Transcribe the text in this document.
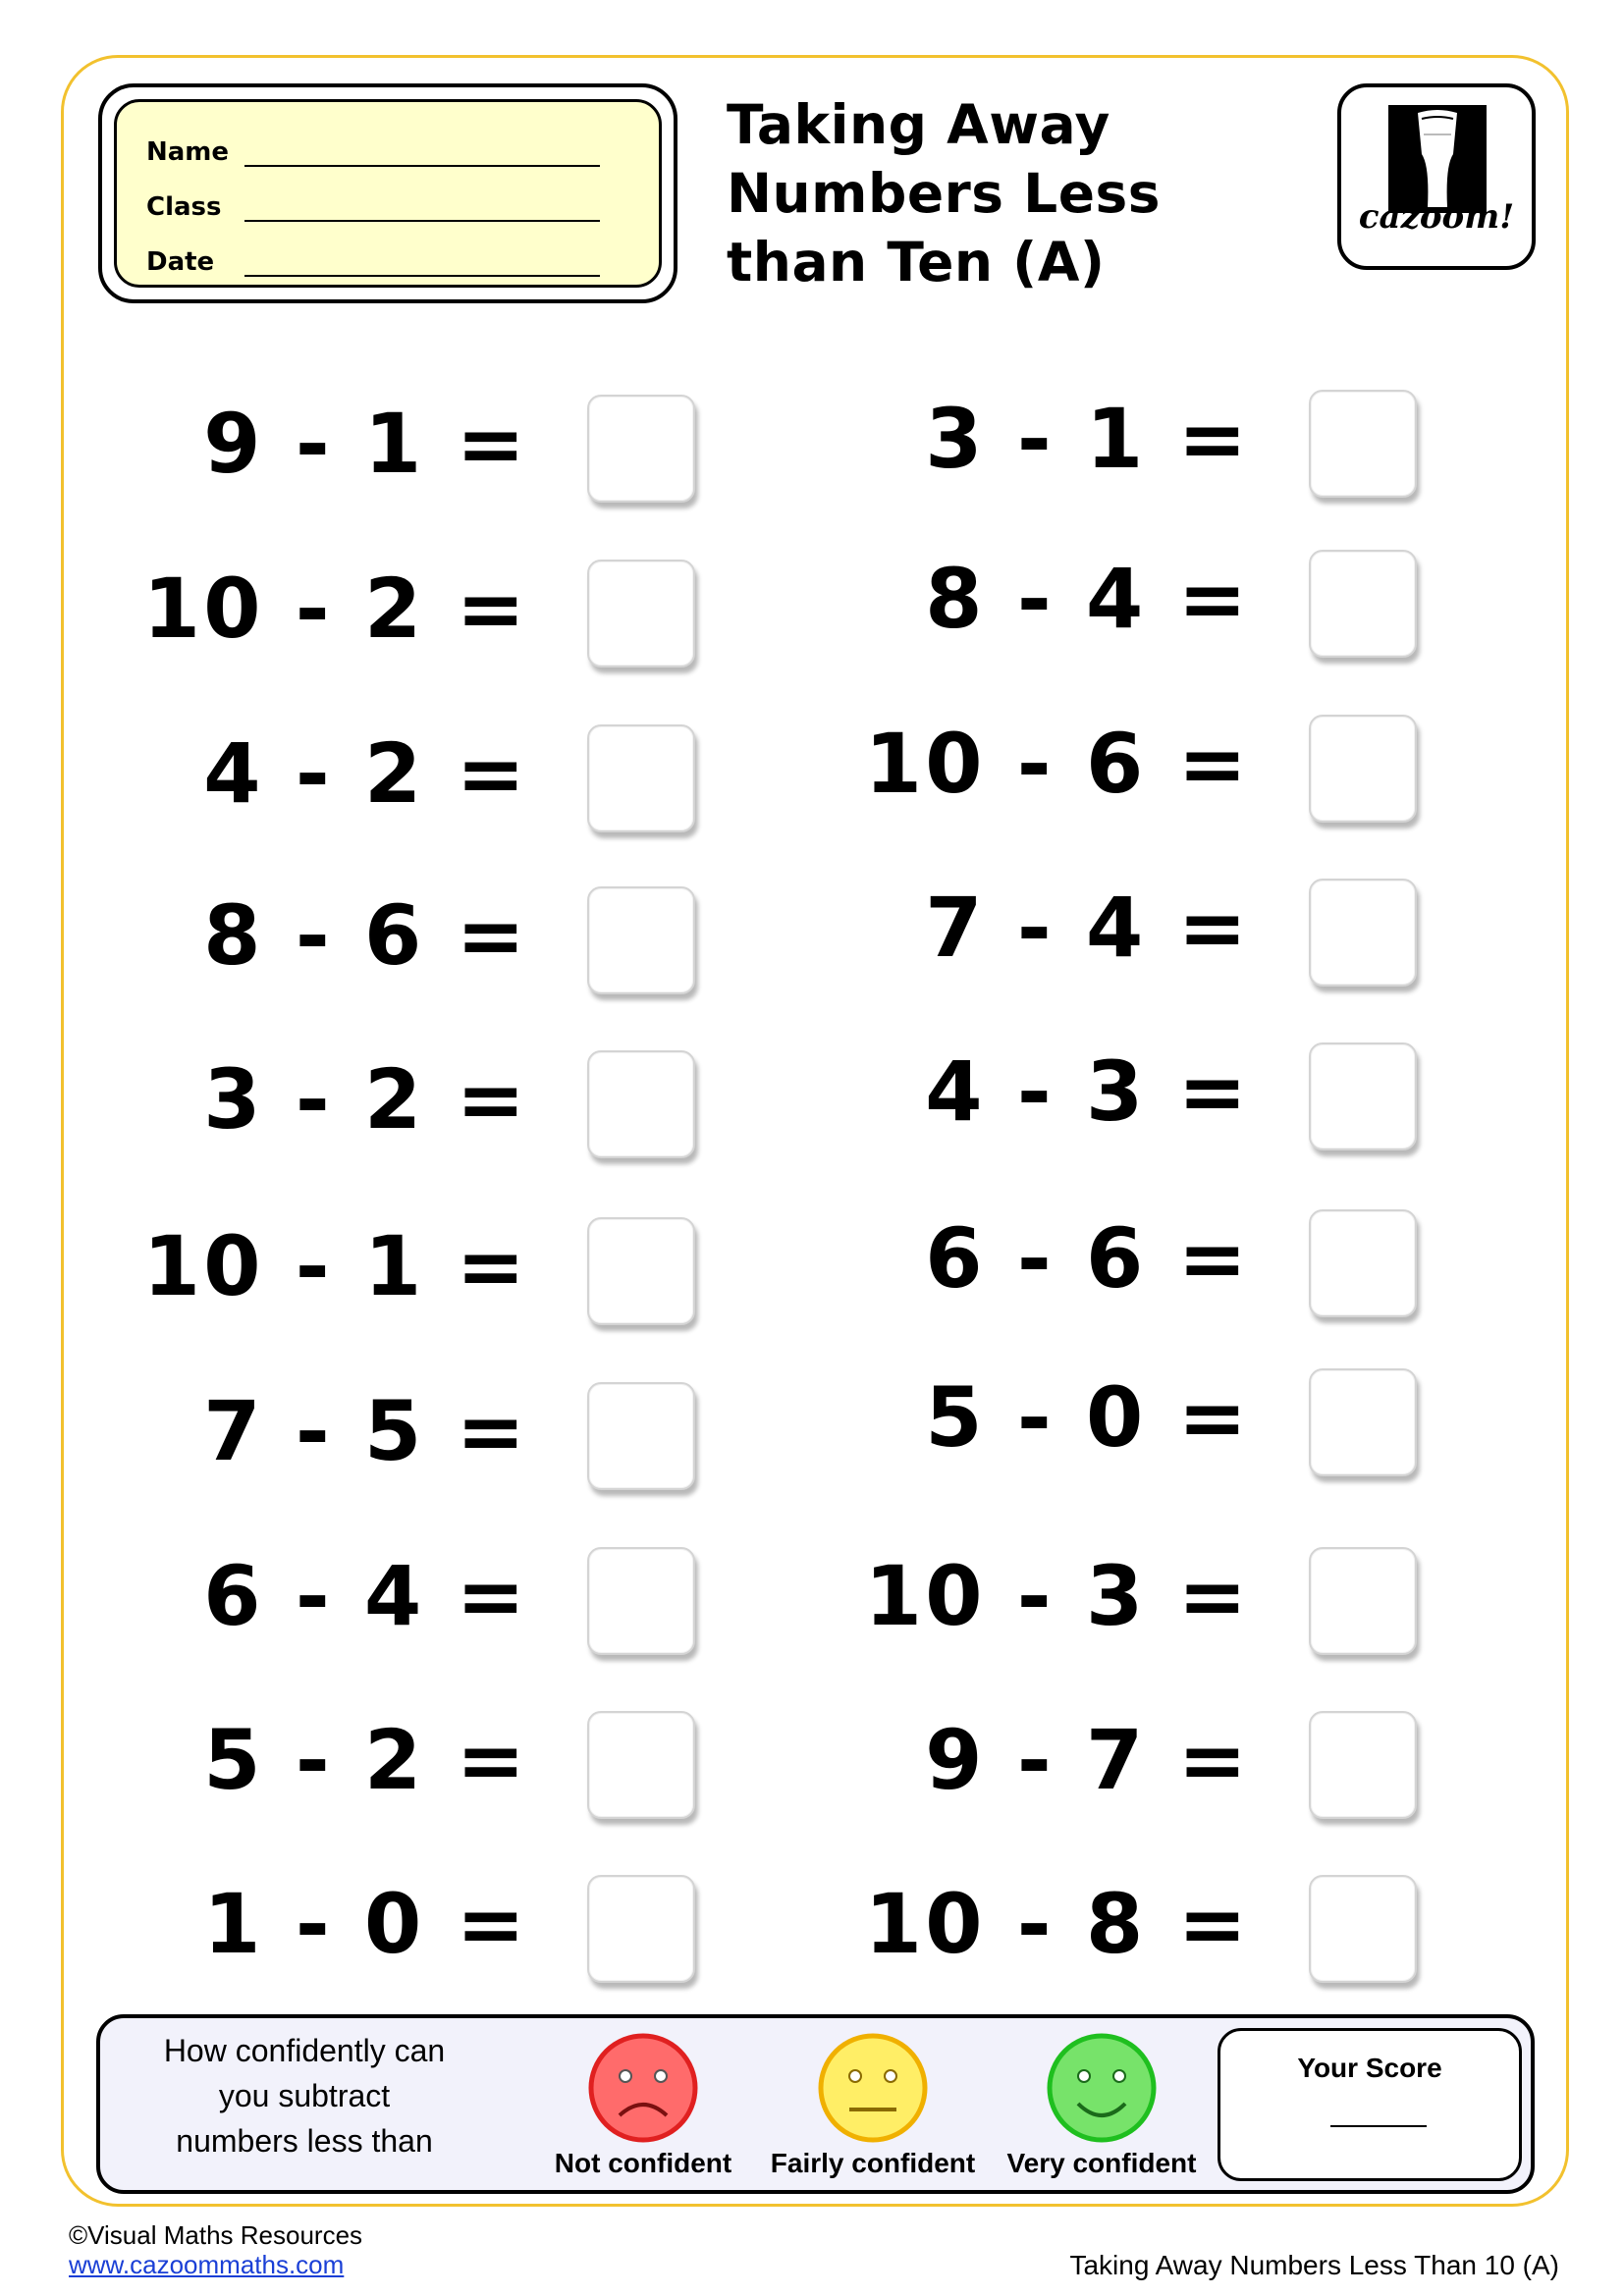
Name
Class
Date
Taking Away
Numbers Less
than Ten (A)
cazoom!
9 - 1 =
10 - 2 =
4 - 2 =
8 - 6 =
3 - 2 =
10 - 1 =
7 - 5 =
6 - 4 =
5 - 2 =
1 - 0 =
3 - 1 =
8 - 4 =
10 - 6 =
7 - 4 =
4 - 3 =
6 - 6 =
5 - 0 =
10 - 3 =
9 - 7 =
10 - 8 =
How confidently can
you subtract
numbers less than
Not confident	Fairly confident	Very confident
Your Score
©Visual Maths Resources
www.cazoommaths.com	Taking Away Numbers Less Than 10 (A)
